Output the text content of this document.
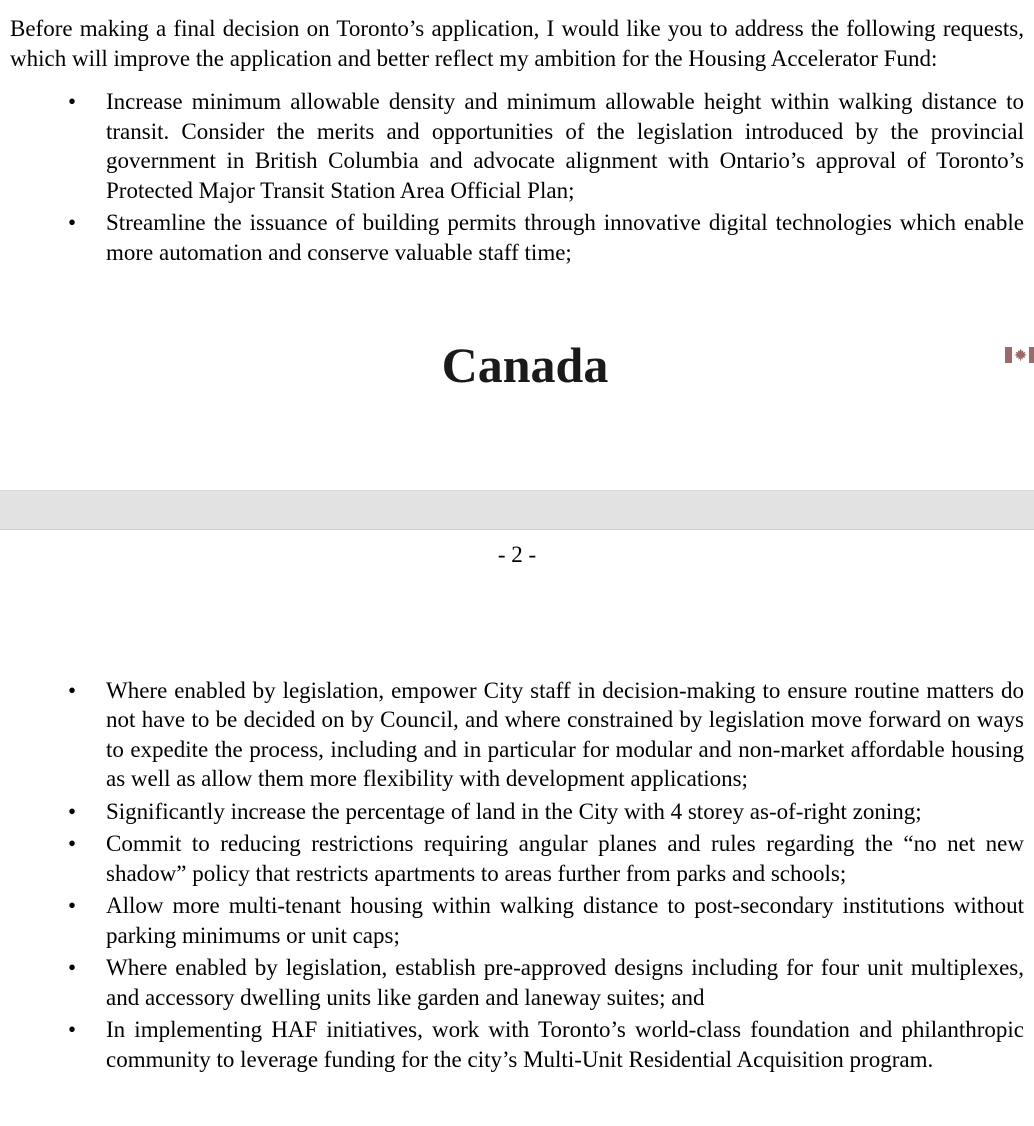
Before making a final decision on Toronto’s application, I would like you to address the following requests, which will improve the application and better reflect my ambition for the Housing Accelerator Fund:

•	Increase minimum allowable density and minimum allowable height within walking distance to transit. Consider the merits and opportunities of the legislation introduced by the provincial government in British Columbia and advocate alignment with Ontario’s approval of Toronto’s Protected Major Transit Station Area Official Plan;
•	Streamline the issuance of building permits through innovative digital technologies which enable more automation and conserve valuable staff time;
Canada

- 2 -

•	Where enabled by legislation, empower City staff in decision-making to ensure routine matters do not have to be decided on by Council, and where constrained by legislation move forward on ways to expedite the process, including and in particular for modular and non-market affordable housing as well as allow them more flexibility with development applications;
•	Significantly increase the percentage of land in the City with 4 storey as-of-right zoning;
•	Commit to reducing restrictions requiring angular planes and rules regarding the “no net new shadow” policy that restricts apartments to areas further from parks and schools;
•	Allow more multi-tenant housing within walking distance to post-secondary institutions without parking minimums or unit caps;
•	Where enabled by legislation, establish pre-approved designs including for four unit multiplexes, and accessory dwelling units like garden and laneway suites; and
•	In implementing HAF initiatives, work with Toronto’s world-class foundation and philanthropic community to leverage funding for the city’s Multi-Unit Residential Acquisition program.
